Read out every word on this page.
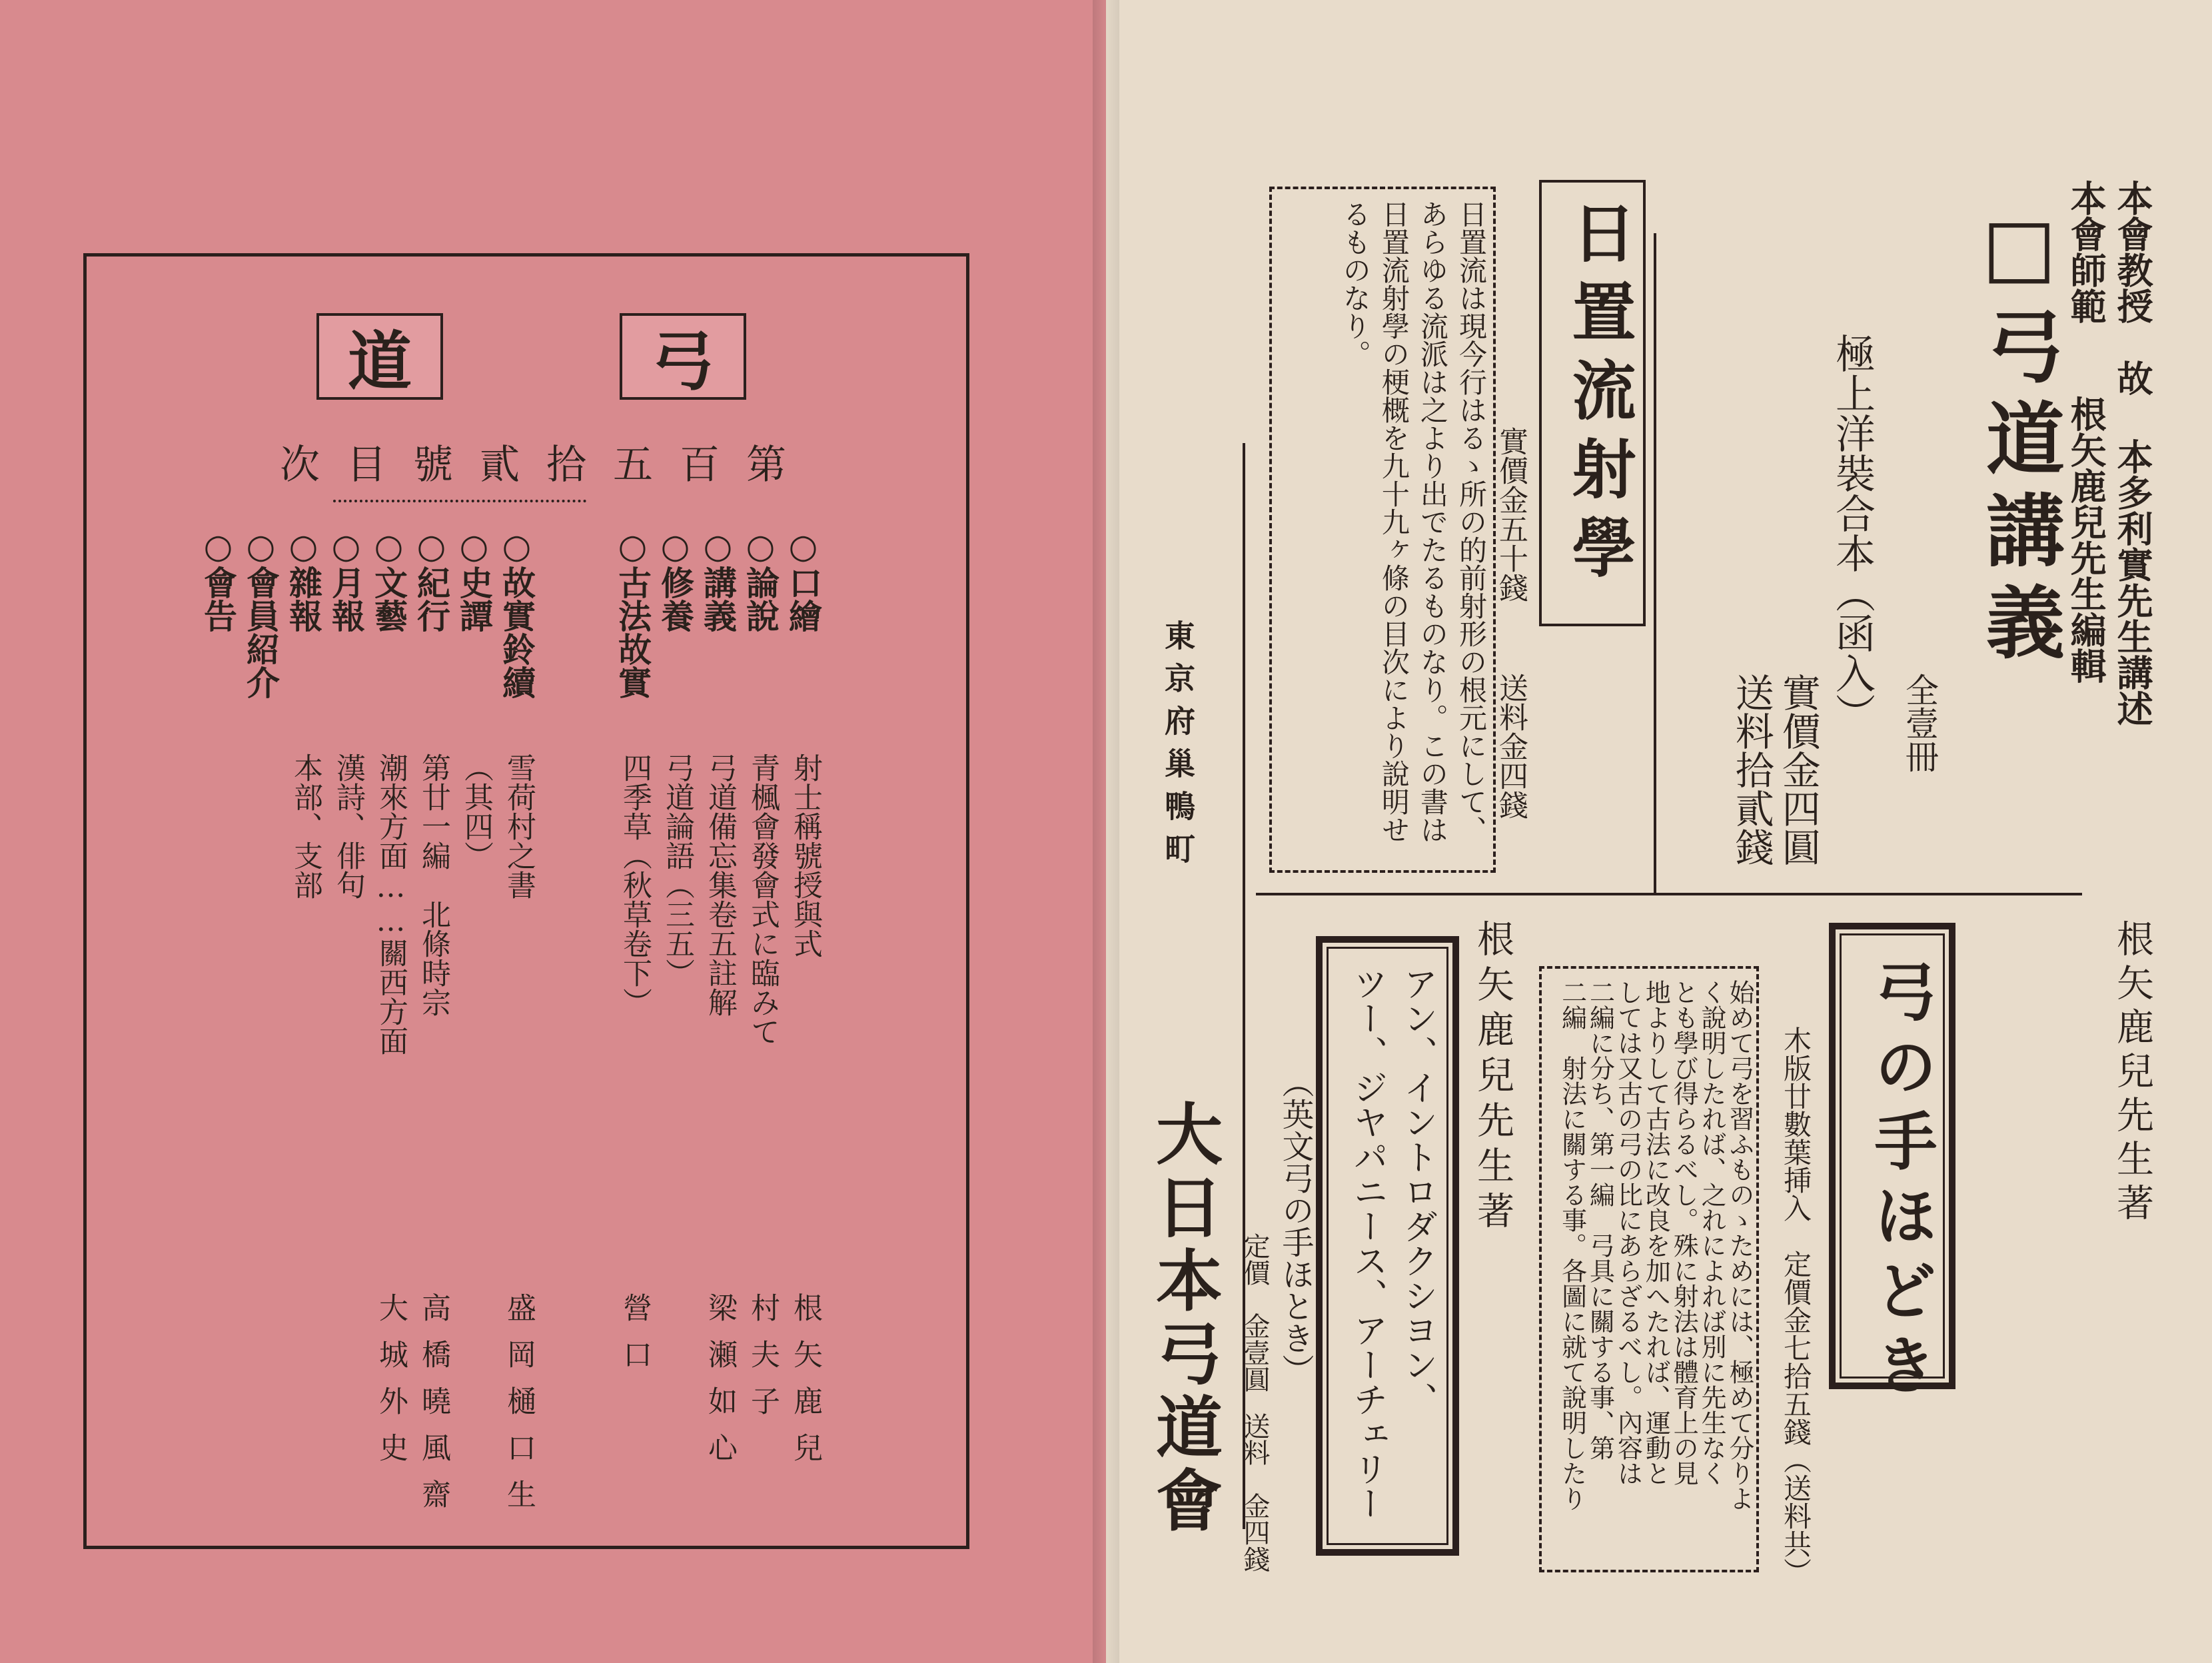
道	弓
第百五拾貳號目次
○口繪
射士稱號授與式
根矢鹿兒
○論說
青楓會發會式に臨みて
村夫子
○講義
弓道備忘集卷五註解
梁瀬如心
○修養
弓道論語（三五）
○古法故實
四季草（秋草卷下）
營口
○故實鈴續
雪荷村之書
盛岡樋口生
○史譚
（其四）
○紀行
第廿一編　北條時宗
高橋曉風齋
○文藝
潮來方面……關西方面
大城外史
○月報
漢詩、俳句
○雜報
本部、支部
○會員紹介
○會告	本會教授　故 本多利實先生講述
本會師範　　根矢鹿兒先生編輯
□弓道講義
全壹冊
極上洋裝合本（函入）
實價金四圓
送料拾貳錢
日置流射學
實價金五十錢
送料金四錢
日置流は現今行はるゝ所の的前射形の根元にして、
あらゆる流派は之より出でたるものなり。この書は
日置流射學の梗概を九十九ヶ條の目次により說明せ
るものなり。
東京府巢鴨町
大日本弓道會
根矢鹿兒先生著
弓の手ほどき
木版廿數葉挿入　定價金七拾五錢（送料共）
始めて弓を習ふものゝためには、極めて分りよ
く說明したれば、之れによれば別に先生なく
とも學び得らるべし。殊に射法は體育上の見
地よりして古法に改良を加へたれば、運動と
しては又古の弓の比にあらざるべし。內容は
二編に分ち、第一編　弓具に關する事、第
二編　射法に關する事。各圖に就て說明したり
根矢鹿兒先生著
アン、イントロダクシヨン、
ツー、ジヤパニース、アーチェリー
（英文弓の手ほとき）
定價　金壹圓
送料　金四錢
